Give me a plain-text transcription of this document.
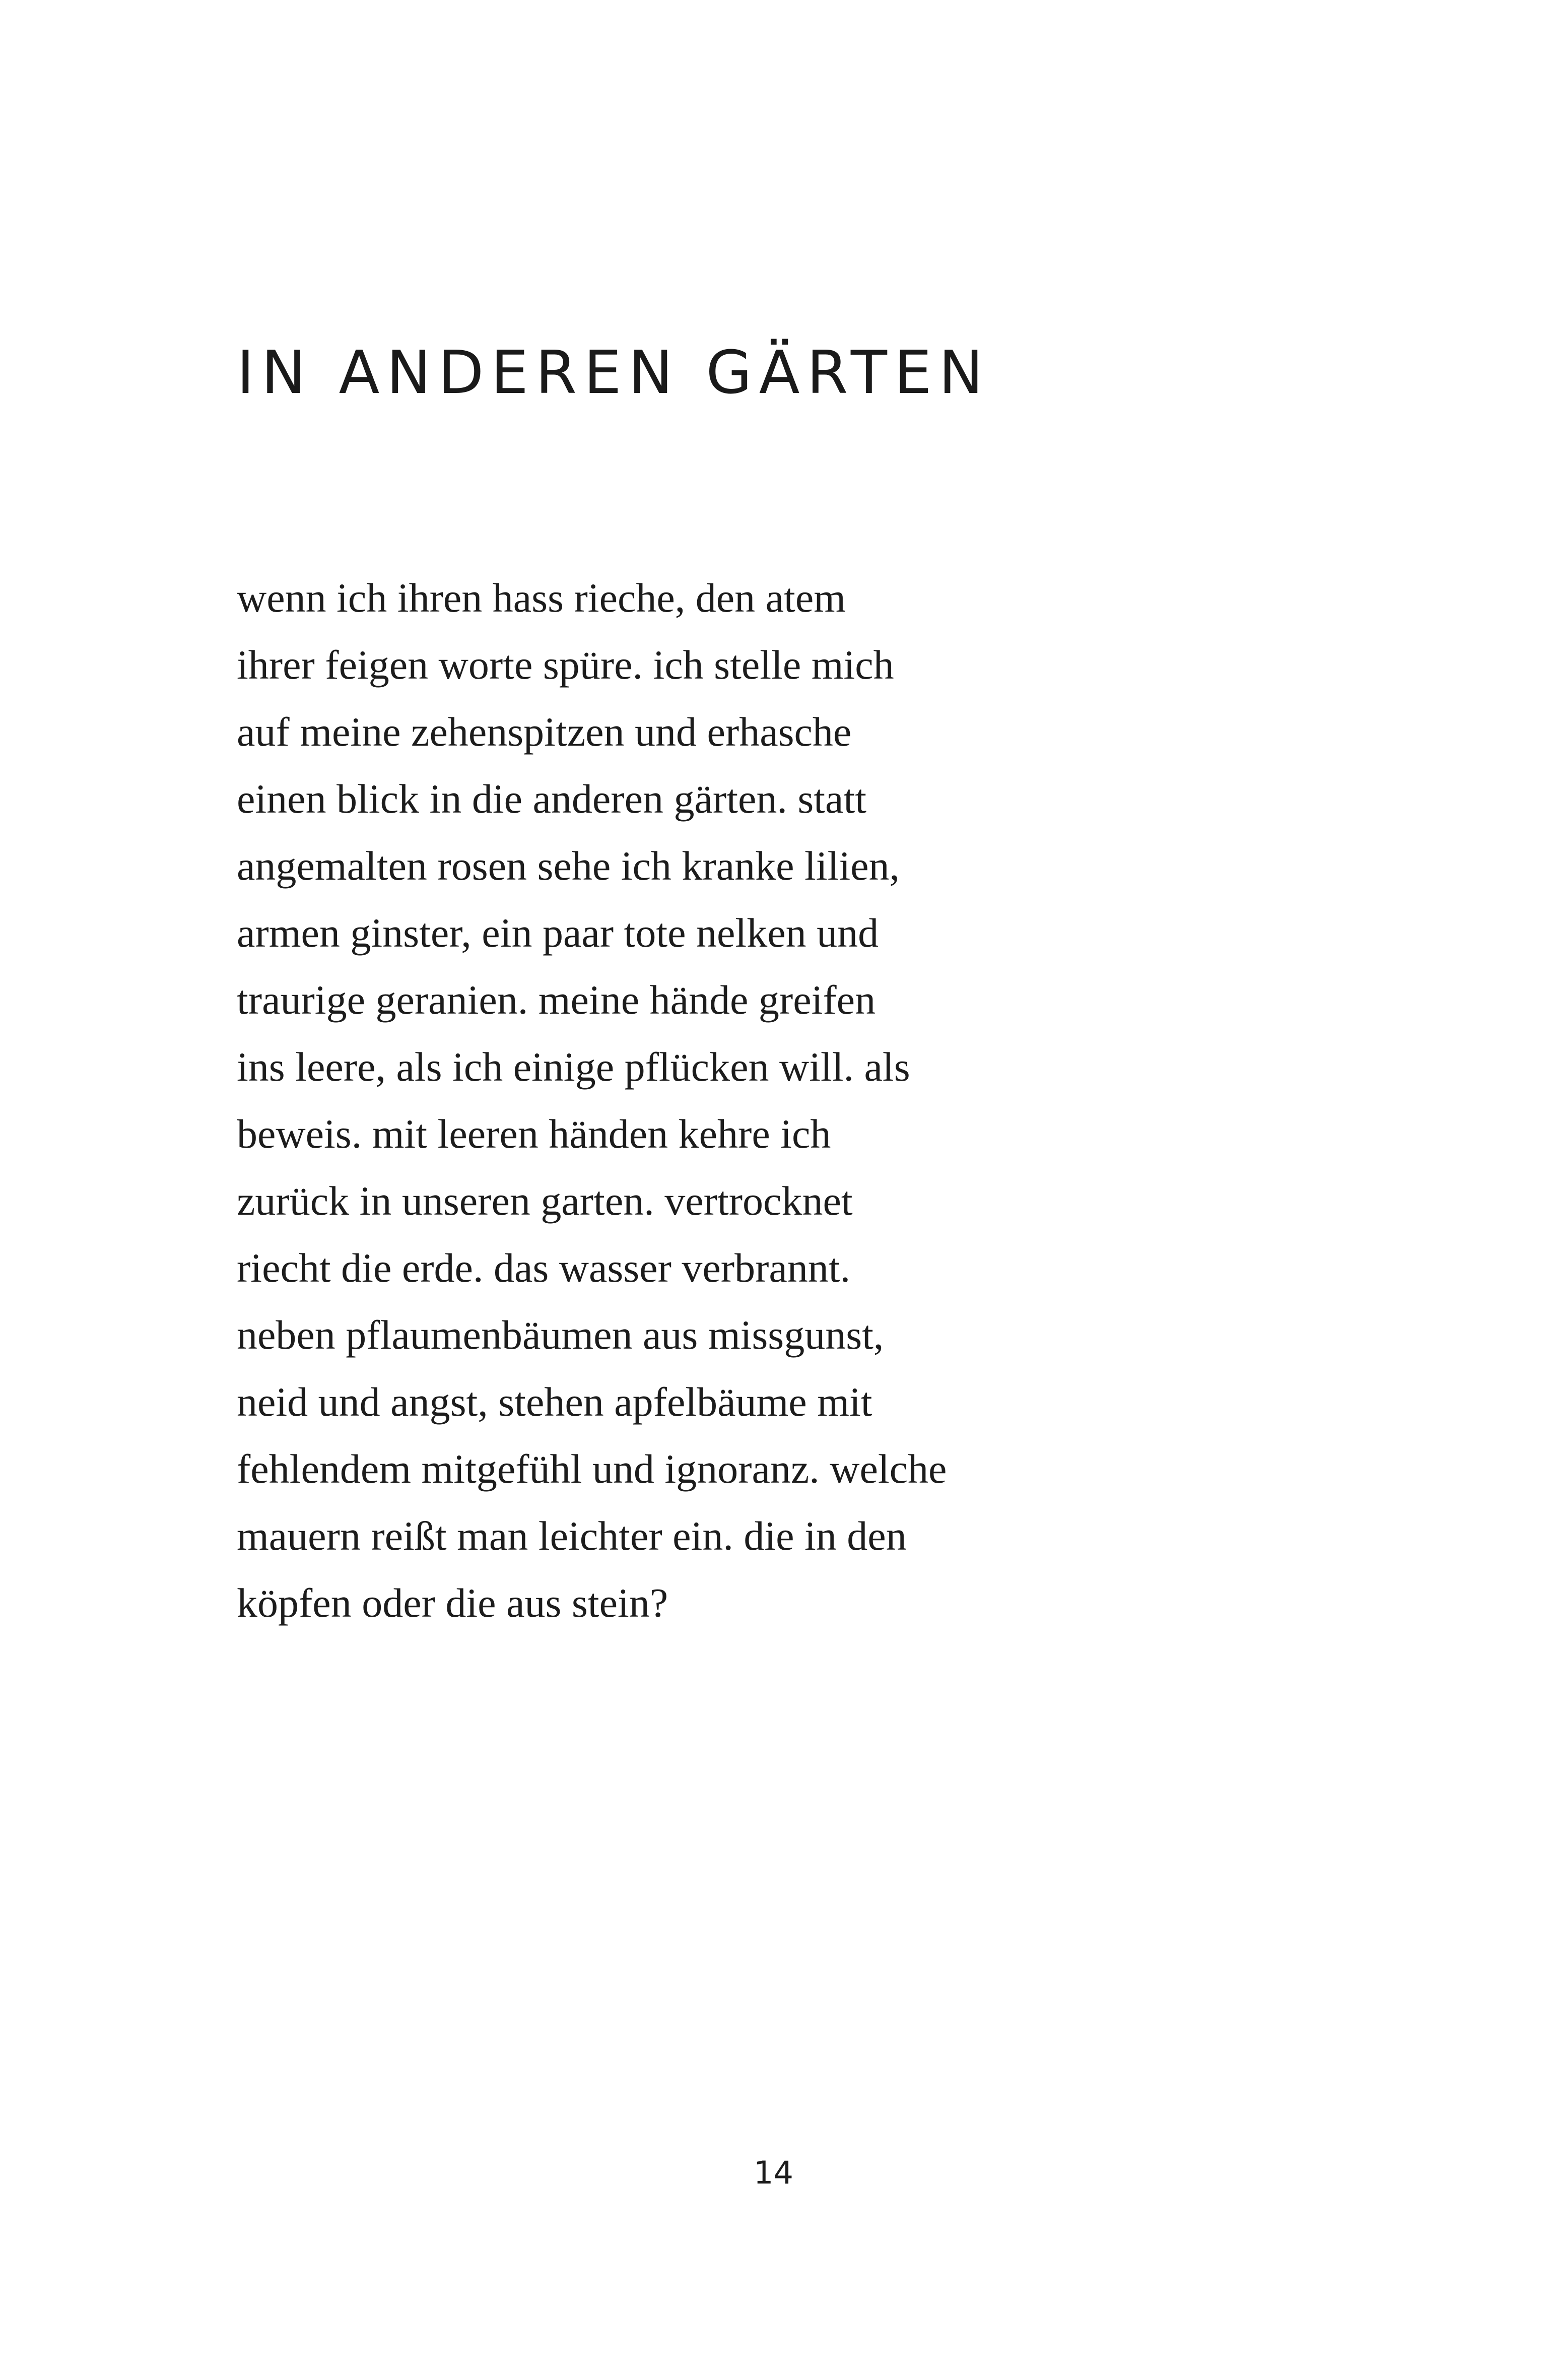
IN ANDEREN GÄRTEN
wenn ich ihren hass rieche, den atem
ihrer feigen worte spüre. ich stelle mich
auf meine zehenspitzen und erhasche
einen blick in die anderen gärten. statt
angemalten rosen sehe ich kranke lilien,
armen ginster, ein paar tote nelken und
traurige geranien. meine hände greifen
ins leere, als ich einige pflücken will. als
beweis. mit leeren händen kehre ich
zurück in unseren garten. vertrocknet
riecht die erde. das wasser verbrannt.
neben pflaumenbäumen aus missgunst,
neid und angst, stehen apfelbäume mit
fehlendem mitgefühl und ignoranz. welche
mauern reißt man leichter ein. die in den
köpfen oder die aus stein?
14
